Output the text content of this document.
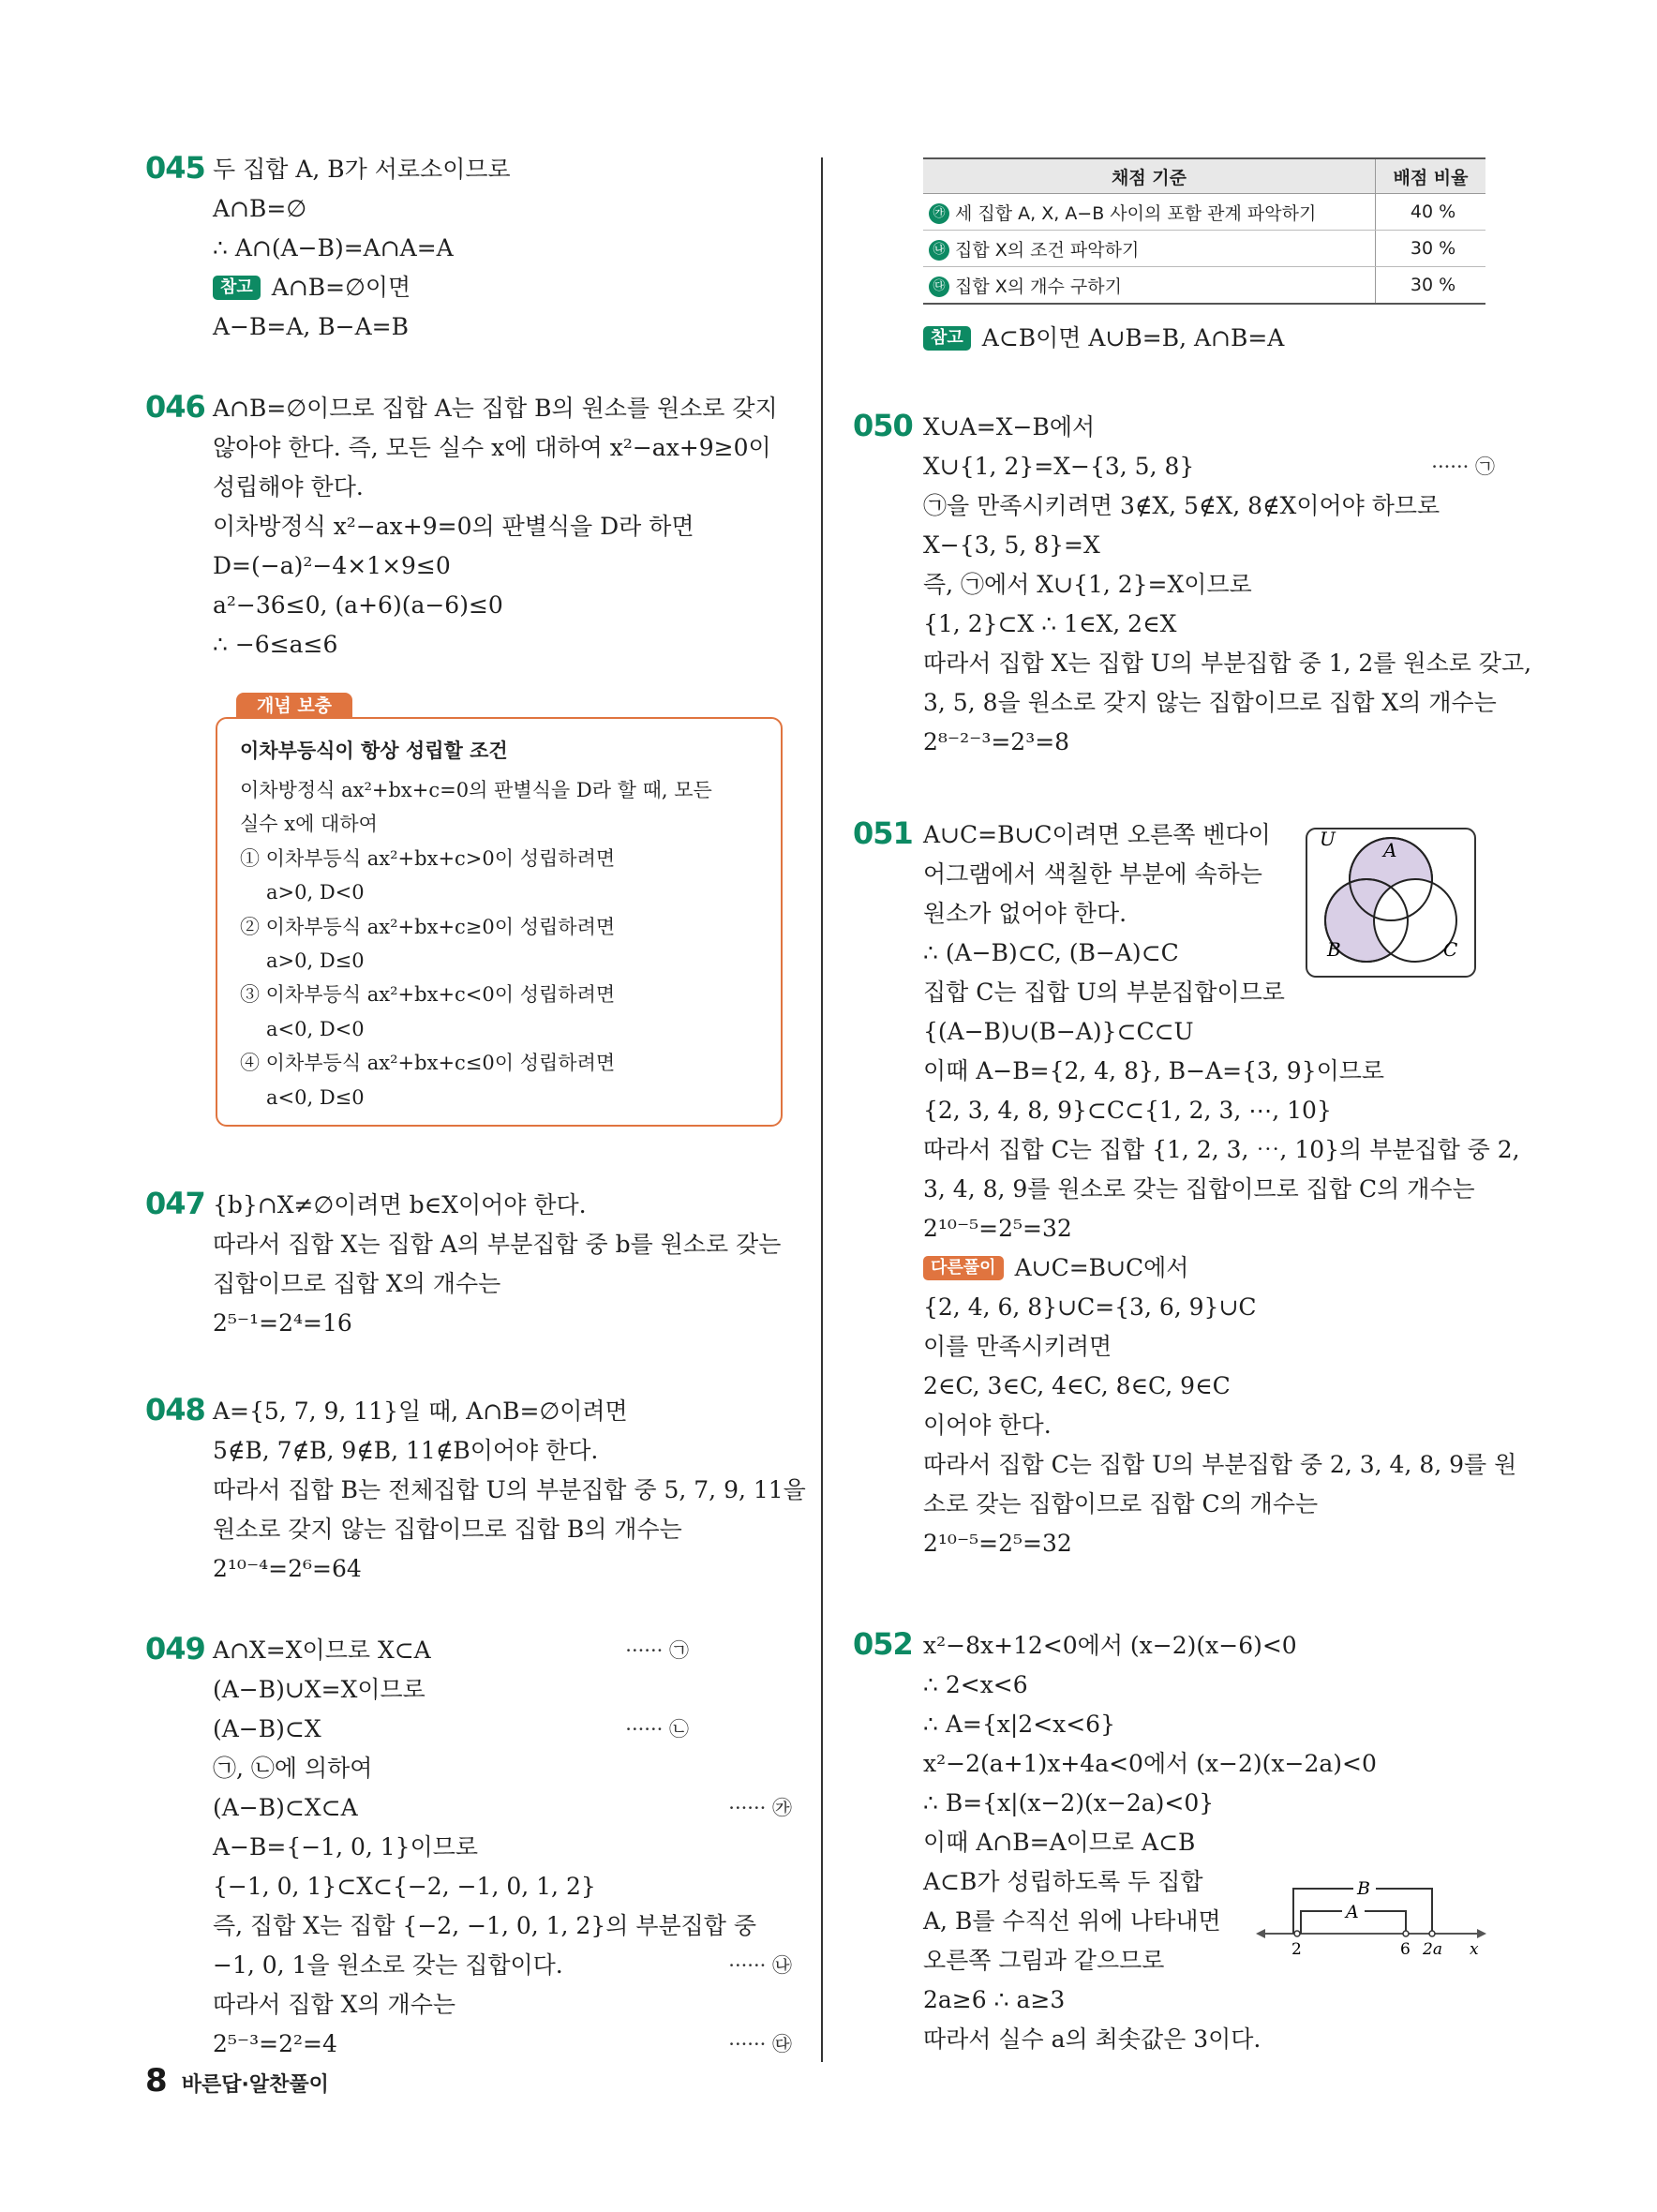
045 두 집합 A, B가 서로소이므로
A∩B=∅
∴ A∩(A−B)=A∩A=A
참고 A∩B=∅이면
A−B=A, B−A=B
046 A∩B=∅이므로 집합 A는 집합 B의 원소를 원소로 갖지
않아야 한다. 즉, 모든 실수 x에 대하여 x²−ax+9≥0이
성립해야 한다.
이차방정식 x²−ax+9=0의 판별식을 D라 하면
D=(−a)²−4×1×9≤0
a²−36≤0, (a+6)(a−6)≤0
∴ −6≤a≤6
개념 보충
이차부등식이 항상 성립할 조건
이차방정식 ax²+bx+c=0의 판별식을 D라 할 때, 모든
실수 x에 대하여
① 이차부등식 ax²+bx+c>0이 성립하려면
a>0, D<0
② 이차부등식 ax²+bx+c≥0이 성립하려면
a>0, D≤0
③ 이차부등식 ax²+bx+c<0이 성립하려면
a<0, D<0
④ 이차부등식 ax²+bx+c≤0이 성립하려면
a<0, D≤0
047 {b}∩X≠∅이려면 b∈X이어야 한다.
따라서 집합 X는 집합 A의 부분집합 중 b를 원소로 갖는
집합이므로 집합 X의 개수는
2⁵⁻¹=2⁴=16
048 A={5, 7, 9, 11}일 때, A∩B=∅이려면
5∉B, 7∉B, 9∉B, 11∉B이어야 한다.
따라서 집합 B는 전체집합 U의 부분집합 중 5, 7, 9, 11을
원소로 갖지 않는 집합이므로 집합 B의 개수는
2¹⁰⁻⁴=2⁶=64
049 A∩X=X이므로 X⊂A	······ ㉠
(A−B)∪X=X이므로
(A−B)⊂X	······ ㉡
㉠, ㉡에 의하여
(A−B)⊂X⊂A	······ ㉮
A−B={−1, 0, 1}이므로
{−1, 0, 1}⊂X⊂{−2, −1, 0, 1, 2}
즉, 집합 X는 집합 {−2, −1, 0, 1, 2}의 부분집합 중
−1, 0, 1을 원소로 갖는 집합이다.	······ ㉯
따라서 집합 X의 개수는
2⁵⁻³=2²=4	······ ㉰
채점 기준	배점 비율
㉮ 세 집합 A, X, A−B 사이의 포함 관계 파악하기	40 %
㉯ 집합 X의 조건 파악하기	30 %
㉰ 집합 X의 개수 구하기	30 %
참고 A⊂B이면 A∪B=B, A∩B=A
050 X∪A=X−B에서
X∪{1, 2}=X−{3, 5, 8}	······ ㉠
㉠을 만족시키려면 3∉X, 5∉X, 8∉X이어야 하므로
X−{3, 5, 8}=X
즉, ㉠에서 X∪{1, 2}=X이므로
{1, 2}⊂X ∴ 1∈X, 2∈X
따라서 집합 X는 집합 U의 부분집합 중 1, 2를 원소로 갖고,
3, 5, 8을 원소로 갖지 않는 집합이므로 집합 X의 개수는
2⁸⁻²⁻³=2³=8
051 A∪C=B∪C이려면 오른쪽 벤다이
어그램에서 색칠한 부분에 속하는
원소가 없어야 한다.
∴ (A−B)⊂C, (B−A)⊂C
집합 C는 집합 U의 부분집합이므로
{(A−B)∪(B−A)}⊂C⊂U
이때 A−B={2, 4, 8}, B−A={3, 9}이므로
{2, 3, 4, 8, 9}⊂C⊂{1, 2, 3, ⋯, 10}
따라서 집합 C는 집합 {1, 2, 3, ⋯, 10}의 부분집합 중 2,
3, 4, 8, 9를 원소로 갖는 집합이므로 집합 C의 개수는
2¹⁰⁻⁵=2⁵=32
다른풀이 A∪C=B∪C에서
{2, 4, 6, 8}∪C={3, 6, 9}∪C
이를 만족시키려면
2∈C, 3∈C, 4∈C, 8∈C, 9∈C
이어야 한다.
따라서 집합 C는 집합 U의 부분집합 중 2, 3, 4, 8, 9를 원
소로 갖는 집합이므로 집합 C의 개수는
2¹⁰⁻⁵=2⁵=32
U	A
B	C
052 x²−8x+12<0에서 (x−2)(x−6)<0
∴ 2<x<6
∴ A={x|2<x<6}
x²−2(a+1)x+4a<0에서 (x−2)(x−2a)<0
∴ B={x|(x−2)(x−2a)<0}
이때 A∩B=A이므로 A⊂B
A⊂B가 성립하도록 두 집합
A, B를 수직선 위에 나타내면
오른쪽 그림과 같으므로
2a≥6 ∴ a≥3
따라서 실수 a의 최솟값은 3이다.
B
A
2	6 2a x
8 바른답·알찬풀이
